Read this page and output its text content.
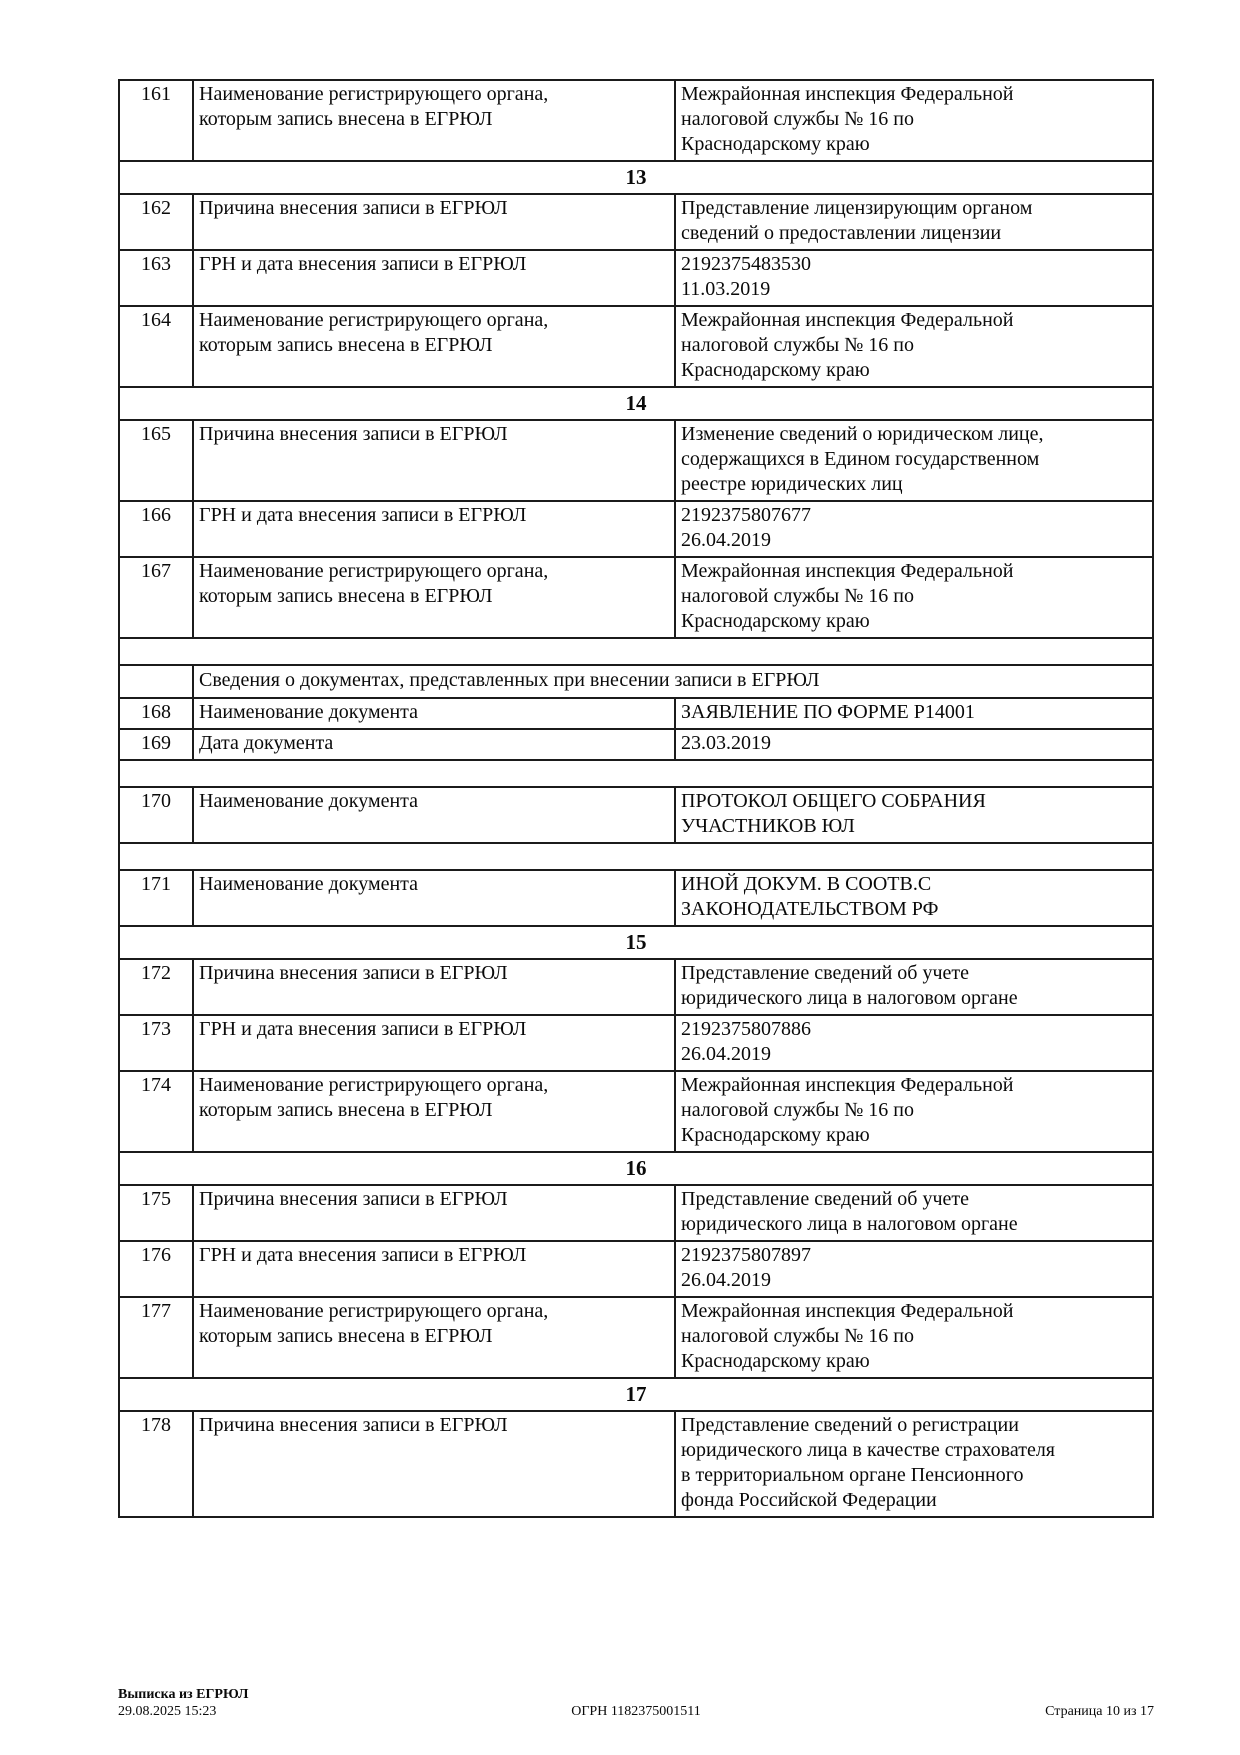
161	Наименование регистрирующего органа,
которым запись внесена в ЕГРЮЛ
Межрайонная инспекция Федеральной
налоговой службы № 16 по
Краснодарскому краю
13
162	Причина внесения записи в ЕГРЮЛ	Представление лицензирующим органом
сведений о предоставлении лицензии
163	ГРН и дата внесения записи в ЕГРЮЛ	2192375483530
11.03.2019
164	Наименование регистрирующего органа,
которым запись внесена в ЕГРЮЛ
Межрайонная инспекция Федеральной
налоговой службы № 16 по
Краснодарскому краю
14
165	Причина внесения записи в ЕГРЮЛ	Изменение сведений о юридическом лице,
содержащихся в Едином государственном
реестре юридических лиц
166	ГРН и дата внесения записи в ЕГРЮЛ	2192375807677
26.04.2019
167	Наименование регистрирующего органа,
которым запись внесена в ЕГРЮЛ
Межрайонная инспекция Федеральной
налоговой службы № 16 по
Краснодарскому краю
Сведения о документах, представленных при внесении записи в ЕГРЮЛ
168	Наименование документа	ЗАЯВЛЕНИЕ ПО ФОРМЕ Р14001
169	Дата документа	23.03.2019
170	Наименование документа	ПРОТОКОЛ ОБЩЕГО СОБРАНИЯ
УЧАСТНИКОВ ЮЛ
171	Наименование документа	ИНОЙ ДОКУМ. В СООТВ.С
ЗАКОНОДАТЕЛЬСТВОМ РФ
15
172	Причина внесения записи в ЕГРЮЛ	Представление сведений об учете
юридического лица в налоговом органе
173	ГРН и дата внесения записи в ЕГРЮЛ	2192375807886
26.04.2019
174	Наименование регистрирующего органа,
которым запись внесена в ЕГРЮЛ
Межрайонная инспекция Федеральной
налоговой службы № 16 по
Краснодарскому краю
16
175	Причина внесения записи в ЕГРЮЛ	Представление сведений об учете
юридического лица в налоговом органе
176	ГРН и дата внесения записи в ЕГРЮЛ	2192375807897
26.04.2019
177	Наименование регистрирующего органа,
которым запись внесена в ЕГРЮЛ
Межрайонная инспекция Федеральной
налоговой службы № 16 по
Краснодарскому краю
17
178	Причина внесения записи в ЕГРЮЛ	Представление сведений о регистрации
юридического лица в качестве страхователя
в территориальном органе Пенсионного
фонда Российской Федерации
Выписка из ЕГРЮЛ
29.08.2025 15:23	ОГРН 1182375001511	Страница 10 из 17
